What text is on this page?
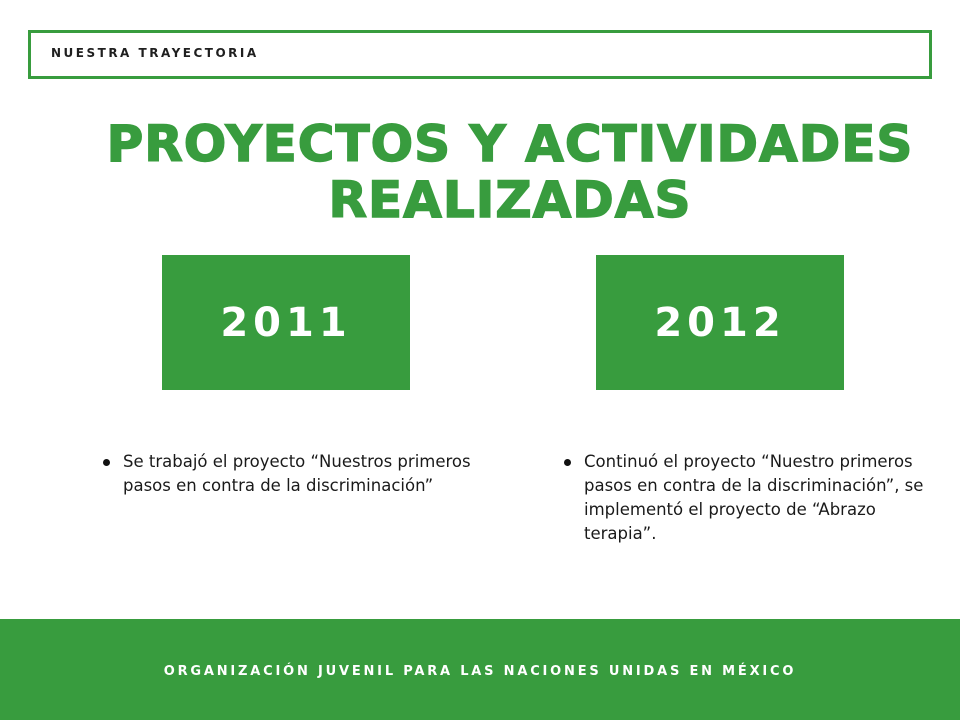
NUESTRA TRAYECTORIA
PROYECTOS Y ACTIVIDADES
REALIZADAS
2011	2012
Se trabajó el proyecto “Nuestros primeros pasos en contra de la discriminación”
Continuó el proyecto “Nuestro primeros pasos en contra de la discriminación”, se implementó el proyecto de “Abrazo terapia”.
ORGANIZACIÓN JUVENIL PARA LAS NACIONES UNIDAS EN MÉXICO
